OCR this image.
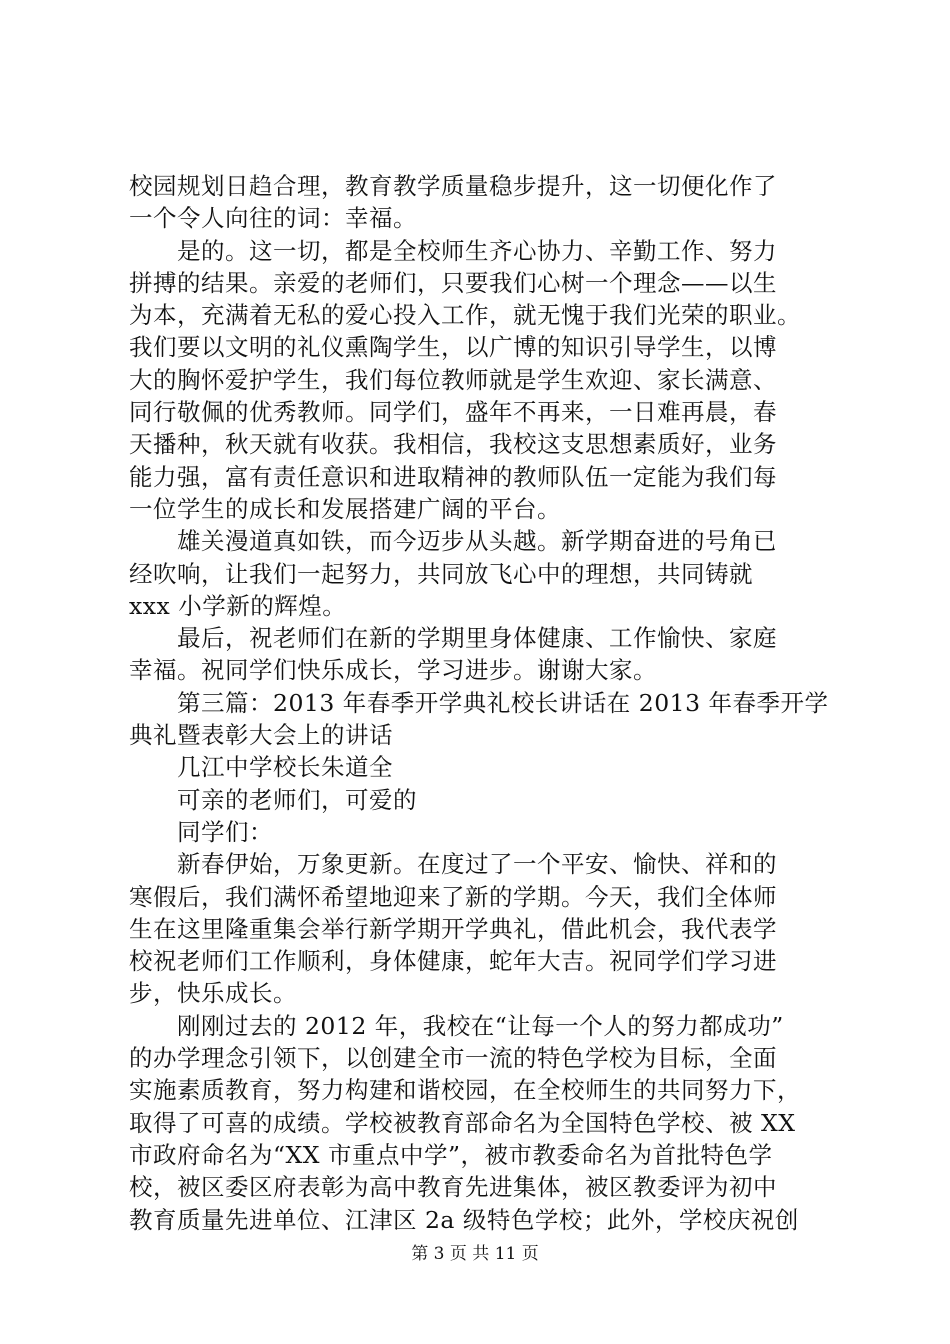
校园规划日趋合理，教育教学质量稳步提升，这一切便化作了
一个令人向往的词：幸福。
是的。这一切，都是全校师生齐心协力、辛勤工作、努力
拼搏的结果。亲爱的老师们，只要我们心树一个理念——以生
为本，充满着无私的爱心投入工作，就无愧于我们光荣的职业。
我们要以文明的礼仪熏陶学生，以广博的知识引导学生，以博
大的胸怀爱护学生，我们每位教师就是学生欢迎、家长满意、
同行敬佩的优秀教师。同学们，盛年不再来，一日难再晨，春
天播种，秋天就有收获。我相信，我校这支思想素质好，业务
能力强，富有责任意识和进取精神的教师队伍一定能为我们每
一位学生的成长和发展搭建广阔的平台。
雄关漫道真如铁，而今迈步从头越。新学期奋进的号角已
经吹响，让我们一起努力，共同放飞心中的理想，共同铸就
xxx 小学新的辉煌。
最后，祝老师们在新的学期里身体健康、工作愉快、家庭
幸福。祝同学们快乐成长，学习进步。谢谢大家。
第三篇：2013 年春季开学典礼校长讲话在 2013 年春季开学
典礼暨表彰大会上的讲话
几江中学校长朱道全
可亲的老师们，可爱的
同学们：
新春伊始，万象更新。在度过了一个平安、愉快、祥和的
寒假后，我们满怀希望地迎来了新的学期。今天，我们全体师
生在这里隆重集会举行新学期开学典礼，借此机会，我代表学
校祝老师们工作顺利，身体健康，蛇年大吉。祝同学们学习进
步，快乐成长。
刚刚过去的 2012 年，我校在“让每一个人的努力都成功”
的办学理念引领下，以创建全市一流的特色学校为目标，全面
实施素质教育，努力构建和谐校园，在全校师生的共同努力下，
取得了可喜的成绩。学校被教育部命名为全国特色学校、被 XX
市政府命名为“XX 市重点中学”，被市教委命名为首批特色学
校，被区委区府表彰为高中教育先进集体，被区教委评为初中
教育质量先进单位、江津区 2a 级特色学校；此外，学校庆祝创
第 3 页 共 11 页
